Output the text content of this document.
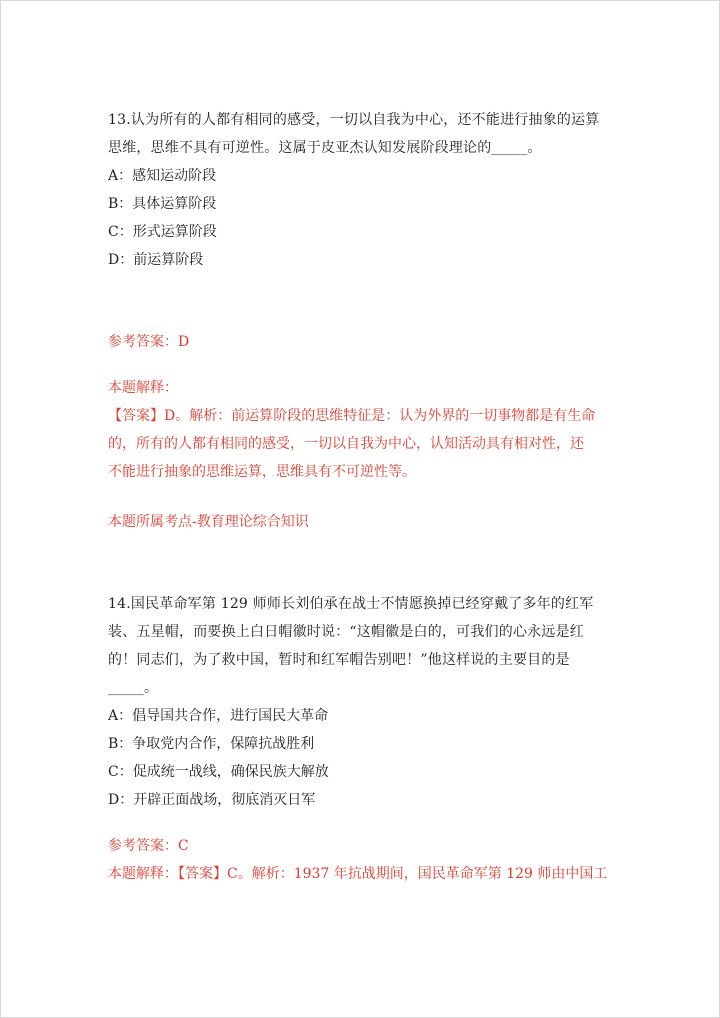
13.认为所有的人都有相同的感受，一切以自我为中心，还不能进行抽象的运算

思维，思维不具有可逆性。这属于皮亚杰认知发展阶段理论的_____。

A：感知运动阶段

B：具体运算阶段

C：形式运算阶段

D：前运算阶段

参考答案：D

本题解释：

【答案】D。解析：前运算阶段的思维特征是：认为外界的一切事物都是有生命

的，所有的人都有相同的感受，一切以自我为中心，认知活动具有相对性，还

不能进行抽象的思维运算，思维具有不可逆性等。

本题所属考点-教育理论综合知识

14.国民革命军第 129 师师长刘伯承在战士不情愿换掉已经穿戴了多年的红军

装、五星帽，而要换上白日帽徽时说：“这帽徽是白的，可我们的心永远是红

的！同志们，为了救中国，暂时和红军帽告别吧！”他这样说的主要目的是

_____。

A：倡导国共合作，进行国民大革命

B：争取党内合作，保障抗战胜利

C：促成统一战线，确保民族大解放

D：开辟正面战场，彻底消灭日军

参考答案：C

本题解释：【答案】C。解析：1937 年抗战期间，国民革命军第 129 师由中国工
